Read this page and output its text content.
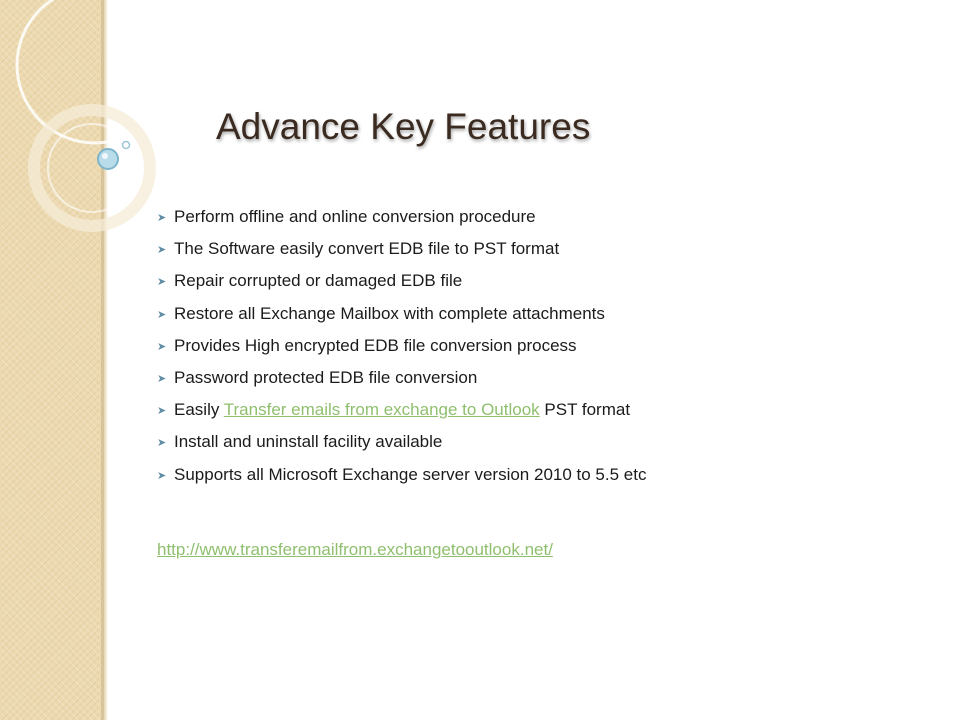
Advance Key Features
➤ Perform offline and online conversion procedure
➤ The Software easily convert EDB file to PST format
➤ Repair corrupted or damaged EDB file
➤ Restore all Exchange Mailbox with complete attachments
➤ Provides High encrypted EDB file conversion process
➤ Password protected EDB file conversion
➤ Easily Transfer emails from exchange to Outlook PST format
➤ Install and uninstall facility available
➤ Supports all Microsoft Exchange server version 2010 to 5.5 etc
http://www.transferemailfrom.exchangetooutlook.net/
